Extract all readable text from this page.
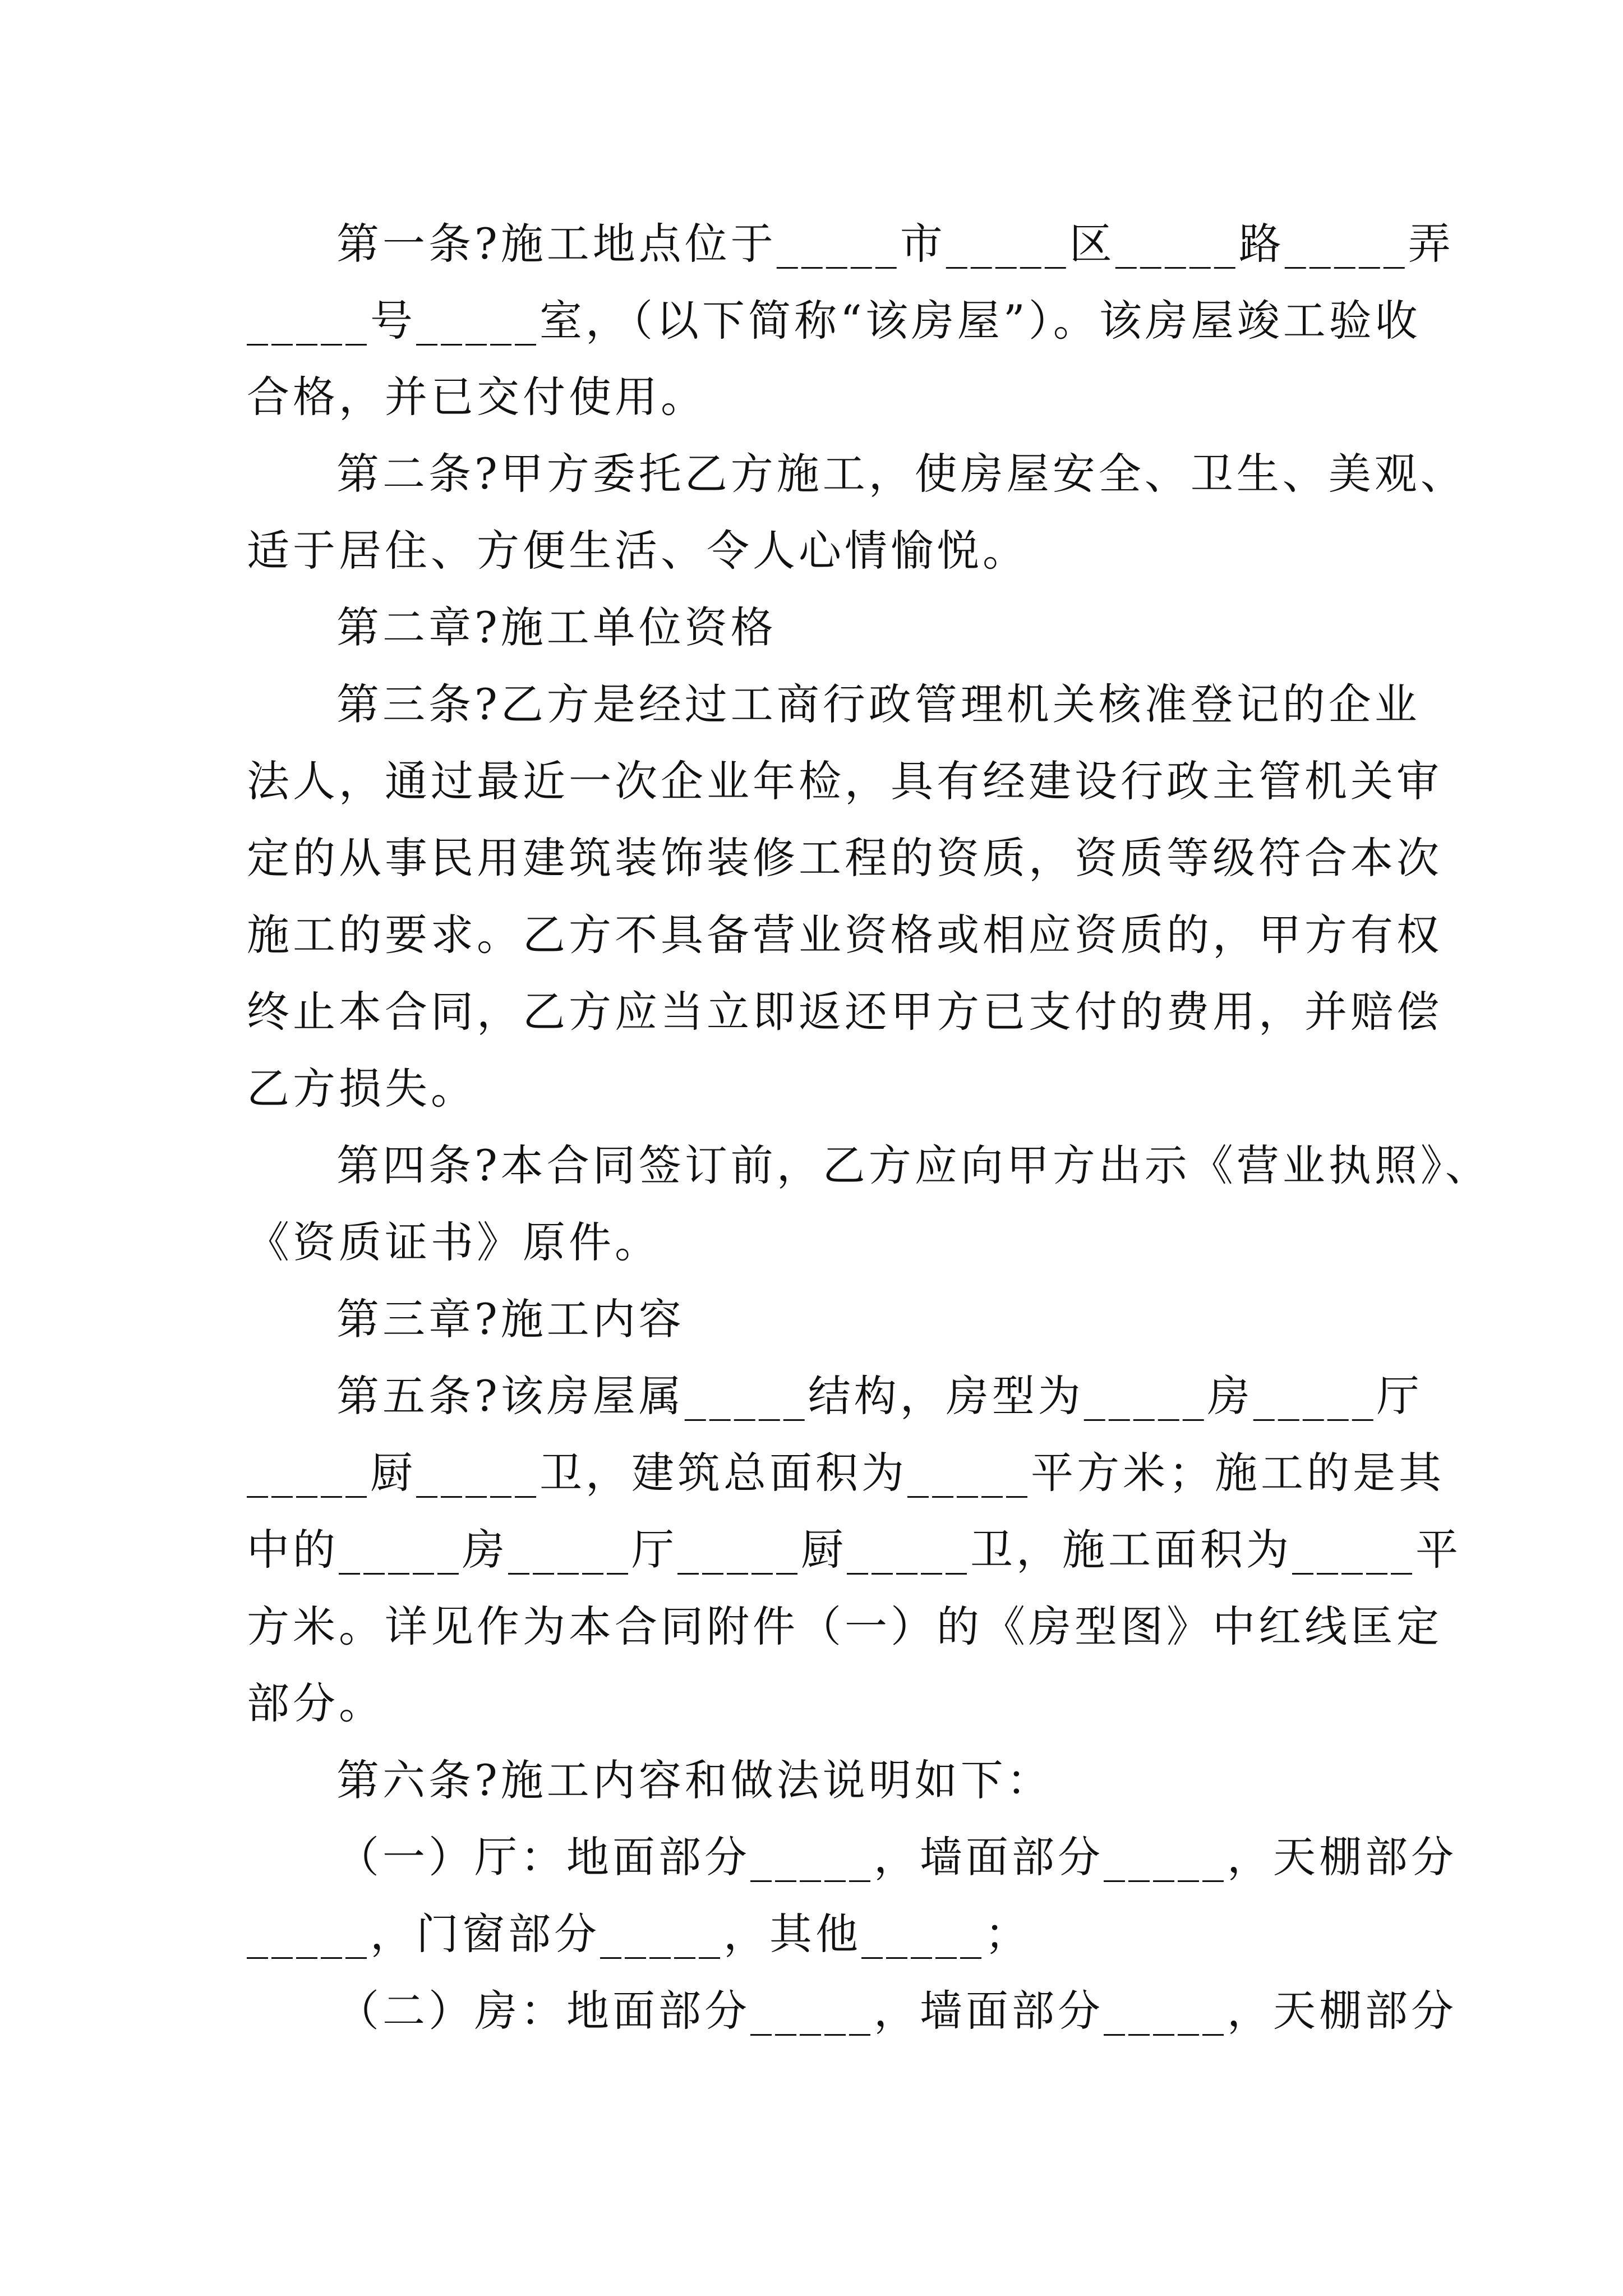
第一条?施工地点位于_____市_____区_____路_____弄
_____号_____室，（以下简称“该房屋”）。该房屋竣工验收
合格，并已交付使用。
第二条?甲方委托乙方施工，使房屋安全、卫生、美观、
适于居住、方便生活、令人心情愉悦。
第二章?施工单位资格
第三条?乙方是经过工商行政管理机关核准登记的企业
法人，通过最近一次企业年检，具有经建设行政主管机关审
定的从事民用建筑装饰装修工程的资质，资质等级符合本次
施工的要求。乙方不具备营业资格或相应资质的，甲方有权
终止本合同，乙方应当立即返还甲方已支付的费用，并赔偿
乙方损失。
第四条?本合同签订前，乙方应向甲方出示《营业执照》、
《资质证书》原件。
第三章?施工内容
第五条?该房屋属_____结构，房型为_____房_____厅
_____厨_____卫，建筑总面积为_____平方米；施工的是其
中的_____房_____厅_____厨_____卫，施工面积为_____平
方米。详见作为本合同附件（一）的《房型图》中红线匡定
部分。
第六条?施工内容和做法说明如下：
（一）厅：地面部分_____，墙面部分_____，天棚部分
_____，门窗部分_____，其他_____；
（二）房：地面部分_____，墙面部分_____，天棚部分
